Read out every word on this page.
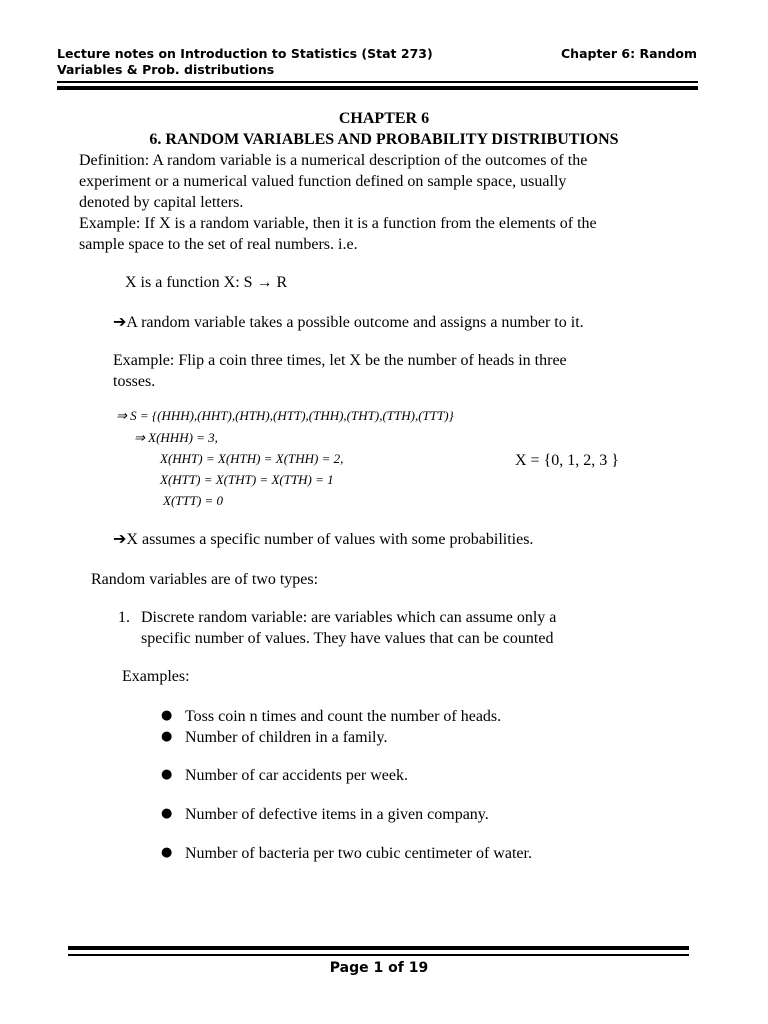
Lecture notes on Introduction to Statistics (Stat 273)
Variables & Prob. distributions
Chapter 6: Random
CHAPTER 6
6. RANDOM VARIABLES AND PROBABILITY DISTRIBUTIONS
Definition: A random variable is a numerical description of the outcomes of the
experiment or a numerical valued function defined on sample space, usually
denoted by capital letters.
Example: If X is a random variable, then it is a function from the elements of the
sample space to the set of real numbers. i.e.
X is a function X: S → R
➔A random variable takes a possible outcome and assigns a number to it.
Example: Flip a coin three times, let X be the number of heads in three
tosses.
⇒ S = {(HHH),(HHT),(HTH),(HTT),(THH),(THT),(TTH),(TTT)}
⇒ X(HHH) = 3,
X(HHT) = X(HTH) = X(THH) = 2,
X(HTT) = X(THT) = X(TTH) = 1
X(TTT) = 0
X = {0, 1, 2, 3 }
➔X assumes a specific number of values with some probabilities.
Random variables are of two types:
1. Discrete random variable: are variables which can assume only a
specific number of values. They have values that can be counted
Examples:
● Toss coin n times and count the number of heads.
● Number of children in a family.
● Number of car accidents per week.
● Number of defective items in a given company.
● Number of bacteria per two cubic centimeter of water.
Page 1 of 19
